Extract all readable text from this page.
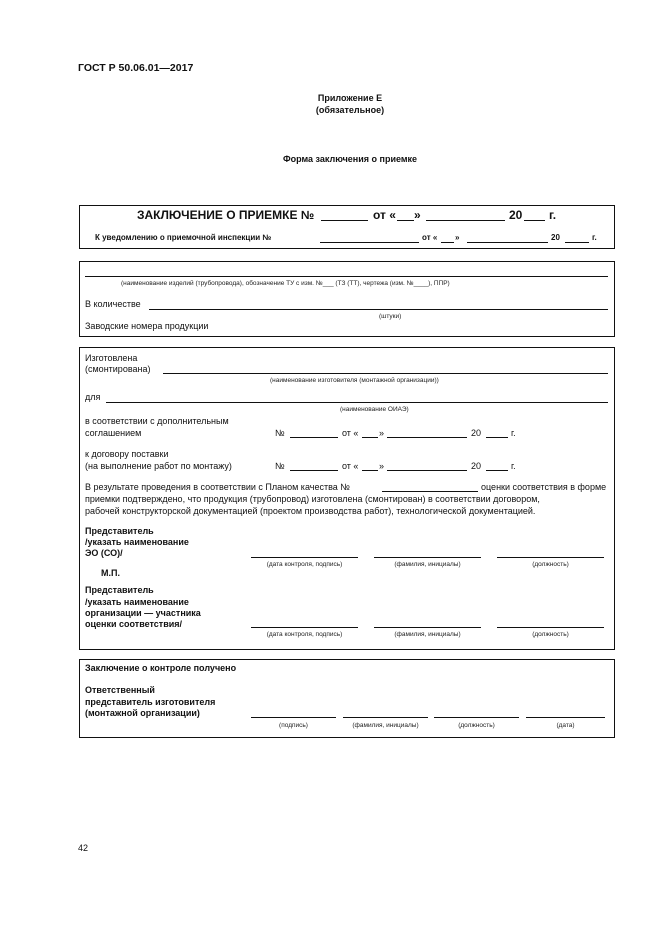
ГОСТ Р 50.06.01—2017
Приложение Е
(обязательное)
Форма заключения о приемке
ЗАКЛЮЧЕНИЕ О ПРИЕМКЕ №	от « »	20 г.
К уведомлению о приемочной инспекции №	от « »	20	г.
(наименование изделий (трубопровода), обозначение ТУ с изм. №___ (ТЗ (ТТ), чертежа (изм. №____), ППР)
В количестве
(штуки)
Заводские номера продукции
Изготовлена
(смонтирована)
(наименование изготовителя (монтажной организации))
для
(наименование ОИАЭ)
в соответствии с дополнительным
соглашением	№	от « »	20	г.
к договору поставки
(на выполнение работ по монтажу)	№	от « »	20	г.
В результате проведения в соответствии с Планом качества №	оценки соответствия в форме
приемки подтверждено, что продукция (трубопровод) изготовлена (смонтирован) в соответствии договором,
рабочей конструкторской документацией (проектом производства работ), технологической документацией.
Представитель
/указать наименование
ЭО (СО)/
(дата контроля, подпись)	(фамилия, инициалы)	(должность)
М.П.
Представитель
/указать наименование
организации — участника
оценки соответствия/
(дата контроля, подпись)	(фамилия, инициалы)	(должность)
Заключение о контроле получено
Ответственный
представитель изготовителя
(монтажной организации)
(подпись)	(фамилия, инициалы)	(должность)	(дата)
42
